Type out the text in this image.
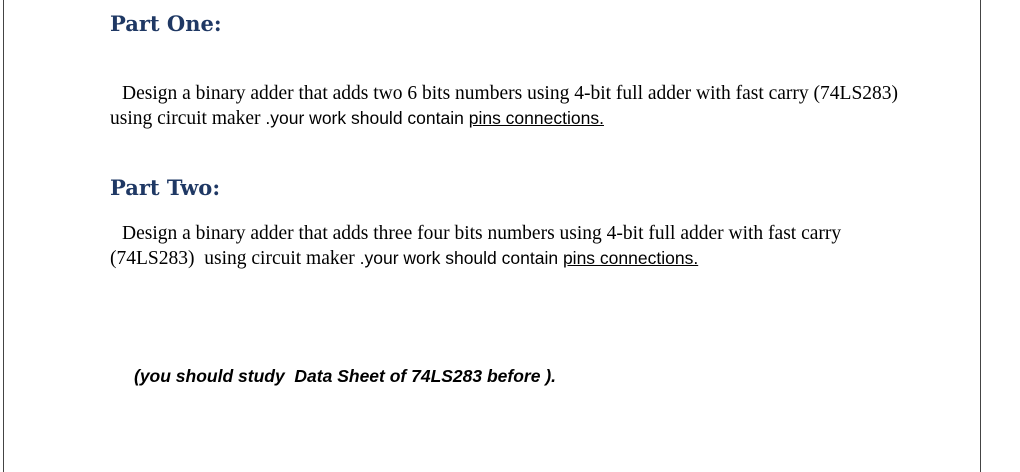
Part One:

Design a binary adder that adds two 6 bits numbers using 4-bit full adder with fast carry (74LS283)
using circuit maker .your work should contain pins connections.

Part Two:

Design a binary adder that adds three four bits numbers using 4-bit full adder with fast carry
(74LS283)  using circuit maker .your work should contain pins connections.

(you should study  Data Sheet of 74LS283 before ).
